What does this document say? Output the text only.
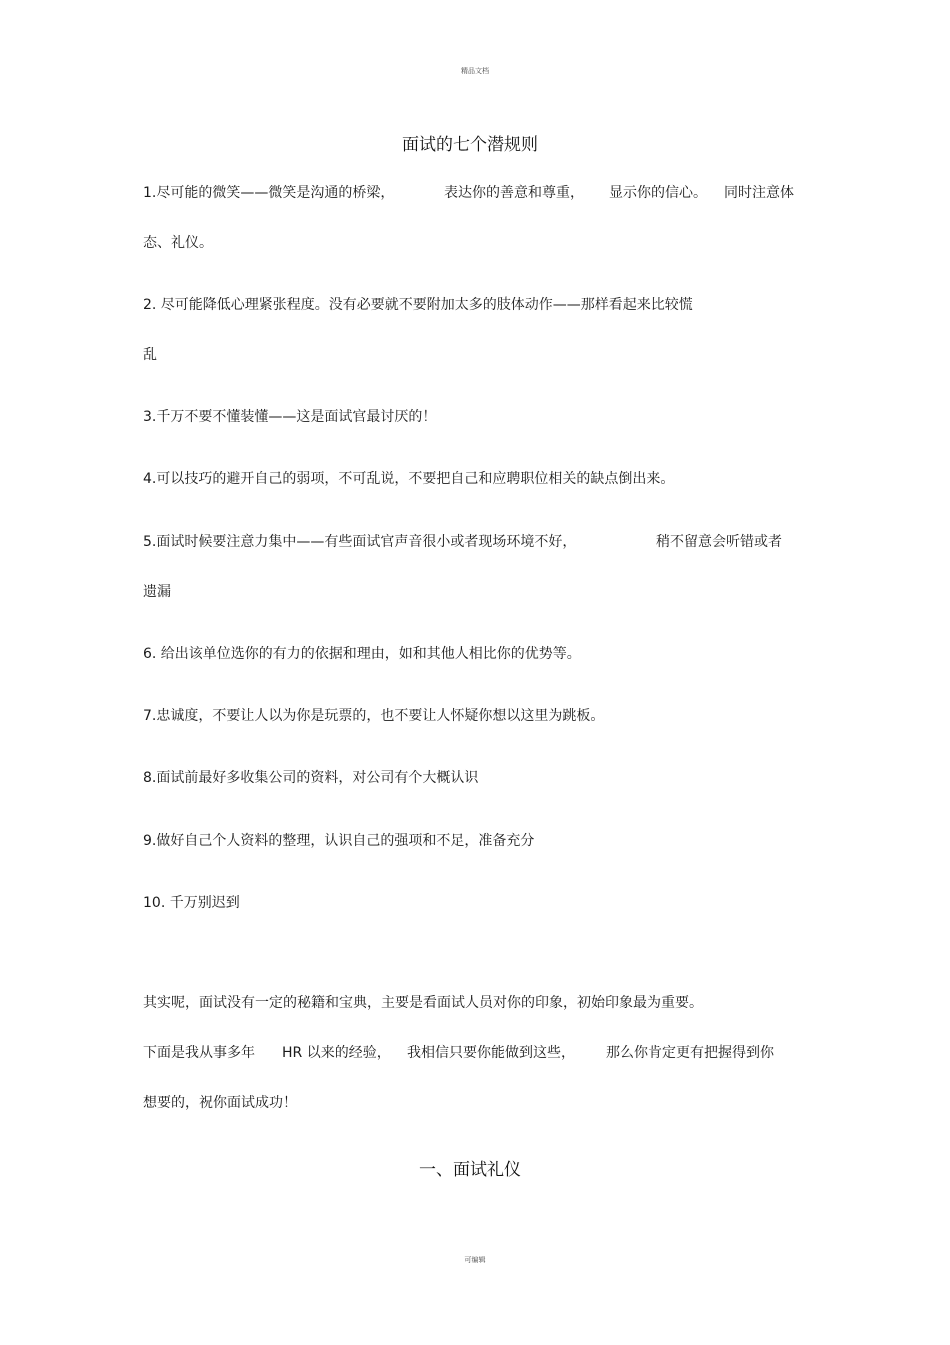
精品文档
面试的七个潜规则
1.尽可能的微笑——微笑是沟通的桥梁，	表达你的善意和尊重， 显示你的信心。 同时注意体
态、礼仪。
2. 尽可能降低心理紧张程度。没有必要就不要附加太多的肢体动作——那样看起来比较慌
乱
3.千万不要不懂装懂——这是面试官最讨厌的！
4.可以技巧的避开自己的弱项，不可乱说，不要把自己和应聘职位相关的缺点倒出来。
5.面试时候要注意力集中——有些面试官声音很小或者现场环境不好，	稍不留意会听错或者
遗漏
6. 给出该单位选你的有力的依据和理由，如和其他人相比你的优势等。
7.忠诚度，不要让人以为你是玩票的，也不要让人怀疑你想以这里为跳板。
8.面试前最好多收集公司的资料，对公司有个大概认识
9.做好自己个人资料的整理，认识自己的强项和不足，准备充分
10. 千万别迟到
其实呢，面试没有一定的秘籍和宝典，主要是看面试人员对你的印象，初始印象最为重要。
下面是我从事多年 HR 以来的经验， 我相信只要你能做到这些， 那么你肯定更有把握得到你
想要的，祝你面试成功！
一、面试礼仪
可编辑
